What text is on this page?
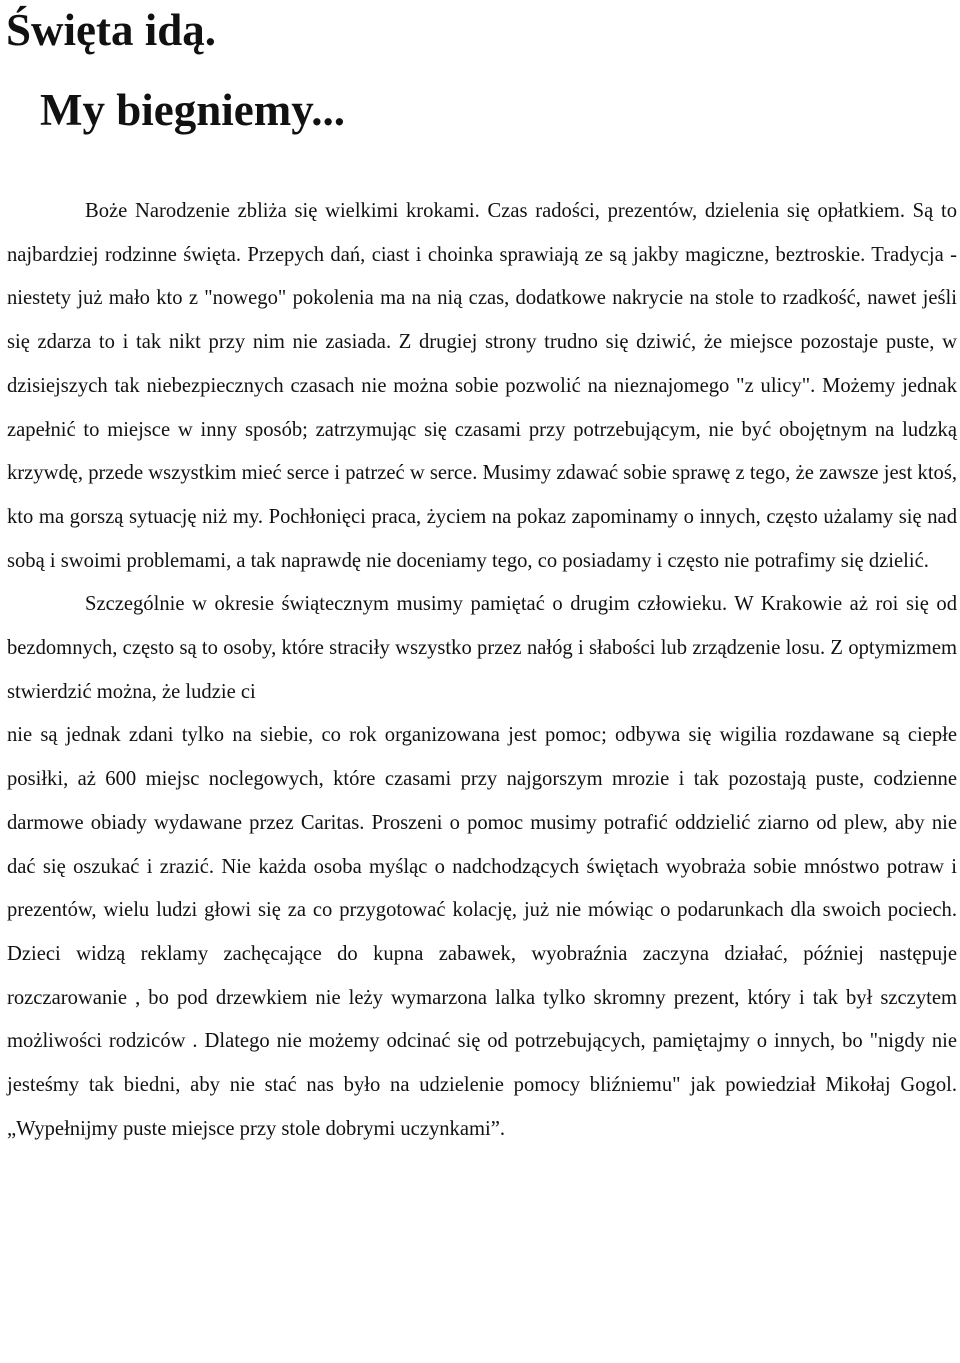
Święta idą.
My biegniemy...

Boże Narodzenie zbliża się wielkimi krokami. Czas radości, prezentów, dzielenia się opłatkiem. Są to najbardziej rodzinne święta. Przepych dań, ciast i choinka sprawiają ze są jakby magiczne, beztroskie. Tradycja - niestety już mało kto z "nowego" pokolenia ma na nią czas, dodatkowe nakrycie na stole to rzadkość, nawet jeśli się zdarza to i tak nikt przy nim nie zasiada. Z drugiej strony trudno się dziwić, że miejsce pozostaje puste, w dzisiejszych tak niebezpiecznych czasach nie można sobie pozwolić na nieznajomego "z ulicy". Możemy jednak zapełnić to miejsce w inny sposób; zatrzymując się czasami przy potrzebującym, nie być obojętnym na ludzką krzywdę, przede wszystkim mieć serce i patrzeć w serce. Musimy zdawać sobie sprawę z tego, że zawsze jest ktoś, kto ma gorszą sytuację niż my. Pochłonięci praca, życiem na pokaz zapominamy o innych, często użalamy się nad sobą i swoimi problemami, a tak naprawdę nie doceniamy tego, co posiadamy i często nie potrafimy się dzielić.

Szczególnie w okresie świątecznym musimy pamiętać o drugim człowieku. W Krakowie aż roi się od bezdomnych, często są to osoby, które straciły wszystko przez nałóg i słabości lub zrządzenie losu. Z optymizmem stwierdzić można, że ludzie ci
nie są jednak zdani tylko na siebie, co rok organizowana jest pomoc; odbywa się wigilia rozdawane są ciepłe posiłki, aż 600 miejsc noclegowych, które czasami przy najgorszym mrozie i tak pozostają puste, codzienne darmowe obiady wydawane przez Caritas. Proszeni o pomoc musimy potrafić oddzielić ziarno od plew, aby nie dać się oszukać i zrazić. Nie każda osoba myśląc o nadchodzących świętach wyobraża sobie mnóstwo potraw i prezentów, wielu ludzi głowi się za co przygotować kolację, już nie mówiąc o podarunkach dla swoich pociech. Dzieci widzą reklamy zachęcające do kupna zabawek, wyobraźnia zaczyna działać, później następuje rozczarowanie , bo pod drzewkiem nie leży wymarzona lalka tylko skromny prezent, który i tak był szczytem możliwości rodziców . Dlatego nie możemy odcinać się od potrzebujących, pamiętajmy o innych, bo "nigdy nie jesteśmy tak biedni, aby nie stać nas było na udzielenie pomocy bliźniemu" jak powiedział Mikołaj Gogol. „Wypełnijmy puste miejsce przy stole dobrymi uczynkami”.
